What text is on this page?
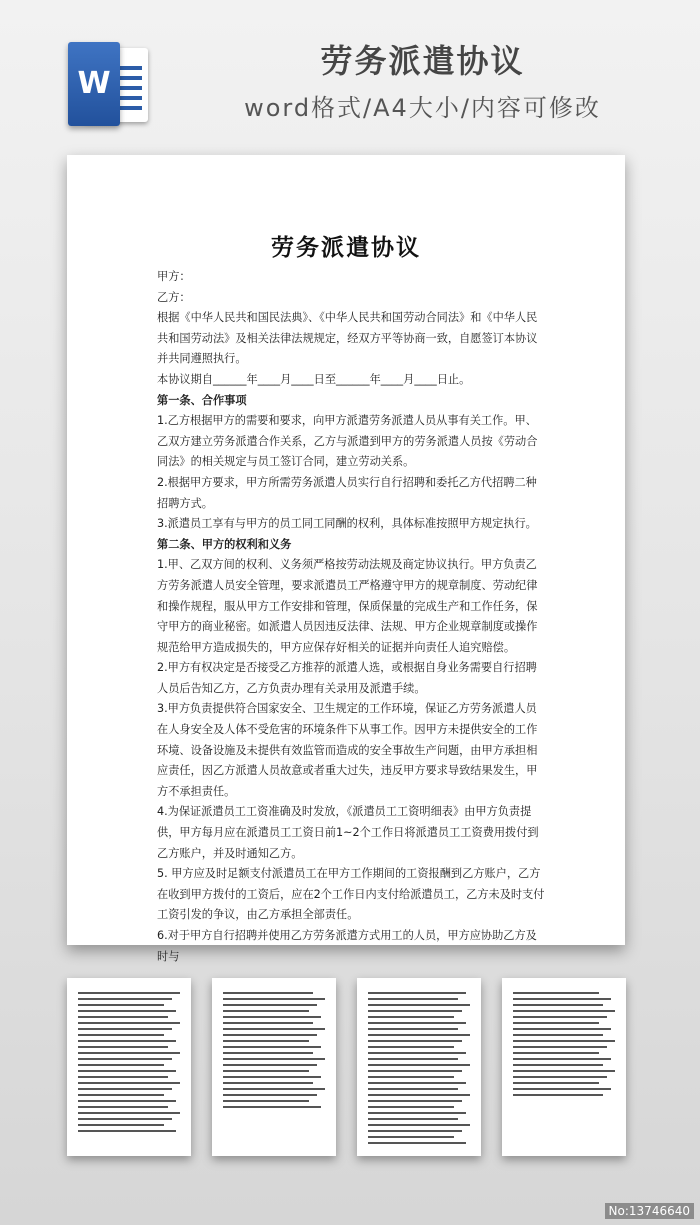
W
劳务派遣协议
word格式/A4大小/内容可修改
劳务派遣协议

甲方：

乙方：

根据《中华人民共和国民法典》、《中华人民共和国劳动合同法》和《中华人民共和国劳动法》及相关法律法规规定，经双方平等协商一致，自愿签订本协议并共同遵照执行。

本协议期自______年____月____日至______年____月____日止。

第一条、合作事项

1.乙方根据甲方的需要和要求，向甲方派遣劳务派遣人员从事有关工作。甲、乙双方建立劳务派遣合作关系，乙方与派遣到甲方的劳务派遣人员按《劳动合同法》的相关规定与员工签订合同，建立劳动关系。

2.根据甲方要求，甲方所需劳务派遣人员实行自行招聘和委托乙方代招聘二种招聘方式。

3.派遣员工享有与甲方的员工同工同酬的权利，具体标准按照甲方规定执行。

第二条、甲方的权利和义务

1.甲、乙双方间的权利、义务须严格按劳动法规及商定协议执行。甲方负责乙方劳务派遣人员安全管理，要求派遣员工严格遵守甲方的规章制度、劳动纪律和操作规程，服从甲方工作安排和管理，保质保量的完成生产和工作任务，保守甲方的商业秘密。如派遣人员因违反法律、法规、甲方企业规章制度或操作规范给甲方造成损失的，甲方应保存好相关的证据并向责任人追究赔偿。

2.甲方有权决定是否接受乙方推荐的派遣人选，或根据自身业务需要自行招聘人员后告知乙方，乙方负责办理有关录用及派遣手续。

3.甲方负责提供符合国家安全、卫生规定的工作环境，保证乙方劳务派遣人员在人身安全及人体不受危害的环境条件下从事工作。因甲方未提供安全的工作环境、设备设施及未提供有效监管而造成的安全事故生产问题，由甲方承担相应责任，因乙方派遣人员故意或者重大过失，违反甲方要求导致结果发生，甲方不承担责任。

4.为保证派遣员工工资准确及时发放，《派遣员工工资明细表》由甲方负责提供，甲方每月应在派遣员工工资日前1~2个工作日将派遣员工工资费用拨付到乙方账户，并及时通知乙方。

5. 甲方应及时足额支付派遣员工在甲方工作期间的工资报酬到乙方账户，乙方在收到甲方拨付的工资后，应在2个工作日内支付给派遣员工，乙方未及时支付工资引发的争议，由乙方承担全部责任。

6.对于甲方自行招聘并使用乙方劳务派遣方式用工的人员，甲方应协助乙方及时与

No:13746640
